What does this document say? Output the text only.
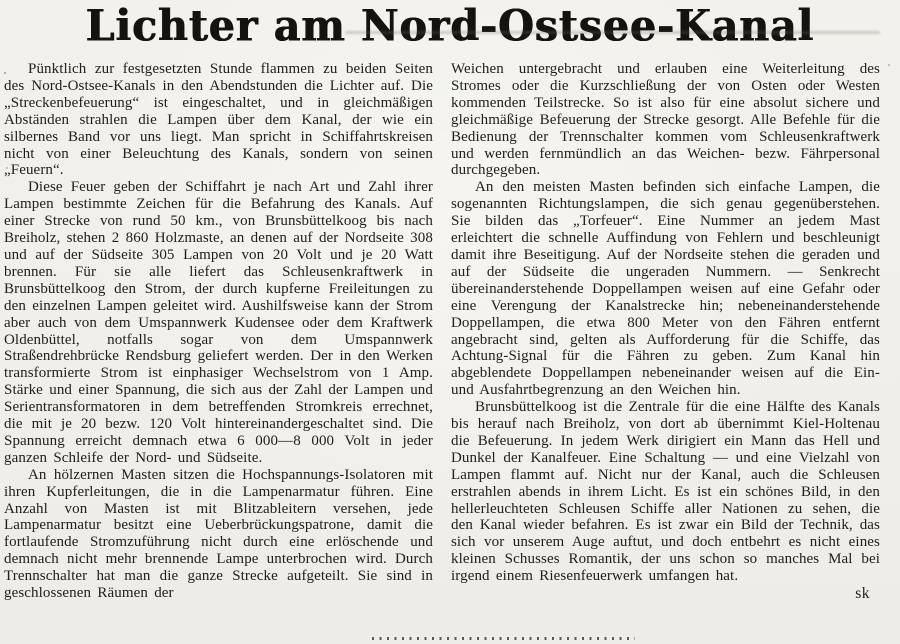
Lichter am Nord-Ostsee-Kanal

Pünktlich zur festgesetzten Stunde flammen zu beiden Seiten des Nord-Ostsee-Kanals in den Abendstunden die Lichter auf. Die „Streckenbefeuerung“ ist eingeschaltet, und in gleichmäßigen Abständen strahlen die Lampen über dem Kanal, der wie ein silbernes Band vor uns liegt. Man spricht in Schiffahrtskreisen nicht von einer Beleuchtung des Kanals, sondern von seinen „Feuern“.

Diese Feuer geben der Schiffahrt je nach Art und Zahl ihrer Lampen bestimmte Zeichen für die Befahrung des Kanals. Auf einer Strecke von rund 50 km., von Brunsbüttelkoog bis nach Breiholz, stehen 2 860 Holzmaste, an denen auf der Nordseite 308 und auf der Südseite 305 Lampen von 20 Volt und je 20 Watt brennen. Für sie alle liefert das Schleusenkraftwerk in Brunsbüttelkoog den Strom, der durch kupferne Freileitungen zu den einzelnen Lampen geleitet wird. Aushilfsweise kann der Strom aber auch von dem Umspannwerk Kudensee oder dem Kraftwerk Oldenbüttel, notfalls sogar von dem Umspannwerk Straßendrehbrücke Rendsburg geliefert werden. Der in den Werken transformierte Strom ist einphasiger Wechselstrom von 1 Amp. Stärke und einer Spannung, die sich aus der Zahl der Lampen und Serientransformatoren in dem betreffenden Stromkreis errechnet, die mit je 20 bezw. 120 Volt hintereinandergeschaltet sind. Die Spannung erreicht demnach etwa 6 000—8 000 Volt in jeder ganzen Schleife der Nord- und Südseite.

An hölzernen Masten sitzen die Hochspannungs-Isolatoren mit ihren Kupferleitungen, die in die Lampenarmatur führen. Eine Anzahl von Masten ist mit Blitzableitern versehen, jede Lampenarmatur besitzt eine Ueberbrückungspatrone, damit die fortlaufende Stromzuführung nicht durch eine erlöschende und demnach nicht mehr brennende Lampe unterbrochen wird. Durch Trennschalter hat man die ganze Strecke aufgeteilt. Sie sind in geschlossenen Räumen der

Weichen untergebracht und erlauben eine Weiterleitung des Stromes oder die Kurzschließung der von Osten oder Westen kommenden Teilstrecke. So ist also für eine absolut sichere und gleichmäßige Befeuerung der Strecke gesorgt. Alle Befehle für die Bedienung der Trennschalter kommen vom Schleusenkraftwerk und werden fernmündlich an das Weichen- bezw. Fährpersonal durchgegeben.

An den meisten Masten befinden sich einfache Lampen, die sogenannten Richtungslampen, die sich genau gegenüberstehen. Sie bilden das „Torfeuer“. Eine Nummer an jedem Mast erleichtert die schnelle Auffindung von Fehlern und beschleunigt damit ihre Beseitigung. Auf der Nordseite stehen die geraden und auf der Südseite die ungeraden Nummern. — Senkrecht übereinanderstehende Doppellampen weisen auf eine Gefahr oder eine Verengung der Kanalstrecke hin; nebeneinanderstehende Doppellampen, die etwa 800 Meter von den Fähren entfernt angebracht sind, gelten als Aufforderung für die Schiffe, das Achtung-Signal für die Fähren zu geben. Zum Kanal hin abgeblendete Doppellampen nebeneinander weisen auf die Ein- und Ausfahrtbegrenzung an den Weichen hin.

Brunsbüttelkoog ist die Zentrale für die eine Hälfte des Kanals bis herauf nach Breiholz, von dort ab übernimmt Kiel-Holtenau die Befeuerung. In jedem Werk dirigiert ein Mann das Hell und Dunkel der Kanalfeuer. Eine Schaltung — und eine Vielzahl von Lampen flammt auf. Nicht nur der Kanal, auch die Schleusen erstrahlen abends in ihrem Licht. Es ist ein schönes Bild, in den hellerleuchteten Schleusen Schiffe aller Nationen zu sehen, die den Kanal wieder befahren. Es ist zwar ein Bild der Technik, das sich vor unserem Auge auftut, und doch entbehrt es nicht eines kleinen Schusses Romantik, der uns schon so manches Mal bei irgend einem Riesenfeuerwerk umfangen hat.

sk
